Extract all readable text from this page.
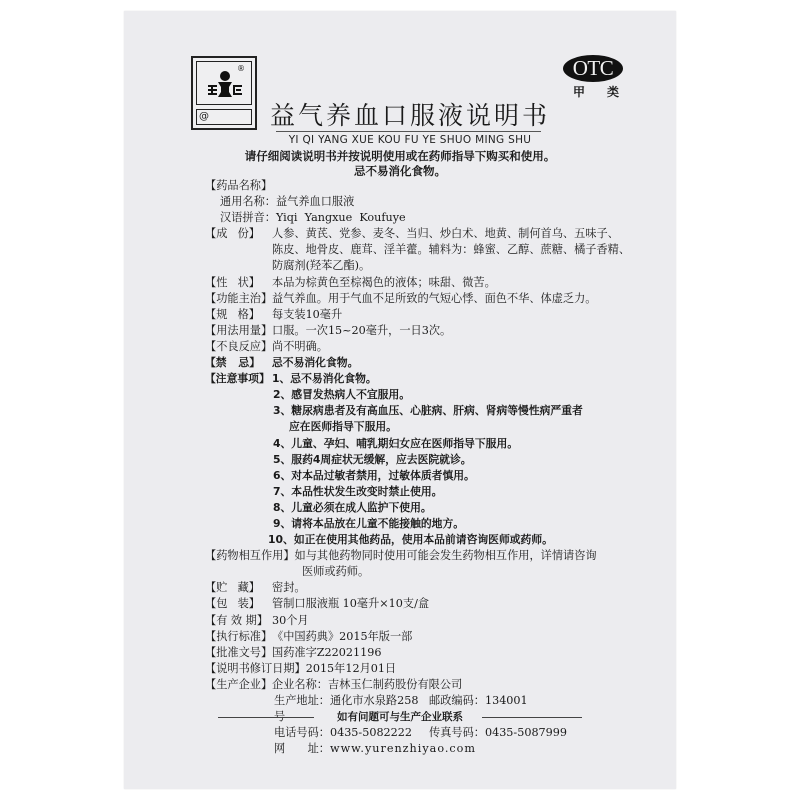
®
@
OTC
甲 类
益气养血口服液说明书
YI QI YANG XUE KOU FU YE SHUO MING SHU
请仔细阅读说明书并按说明使用或在药师指导下购买和使用。
忌不易消化食物。
【药品名称】
通用名称： 益气养血口服液
汉语拼音： Yiqi  Yangxue  Koufuye
【成 份】 人参、黄芪、党参、麦冬、当归、炒白术、地黄、制何首乌、五味子、
陈皮、地骨皮、鹿茸、淫羊藿。辅料为：蜂蜜、乙醇、蔗糖、橘子香精、
防腐剂(羟苯乙酯)。
【性 状】 本品为棕黄色至棕褐色的液体；味甜、微苦。
【功能主治】 益气养血。用于气血不足所致的气短心悸、面色不华、体虚乏力。
【规 格】 每支装10毫升
【用法用量】 口服。一次15~20毫升，一日3次。
【不良反应】 尚不明确。
【禁 忌】 忌不易消化食物。
【注意事项】 1、忌不易消化食物。
2、感冒发热病人不宜服用。
3、糖尿病患者及有高血压、心脏病、肝病、肾病等慢性病严重者
应在医师指导下服用。
4、儿童、孕妇、哺乳期妇女应在医师指导下服用。
5、服药4周症状无缓解，应去医院就诊。
6、对本品过敏者禁用，过敏体质者慎用。
7、本品性状发生改变时禁止使用。
8、儿童必须在成人监护下使用。
9、请将本品放在儿童不能接触的地方。
10、如正在使用其他药品，使用本品前请咨询医师或药师。
【药物相互作用】 如与其他药物同时使用可能会发生药物相互作用，详情请咨询
医师或药师。
【贮 藏】 密封。
【包 装】 管制口服液瓶 10毫升×10支/盒
【有 效 期】 30个月
【执行标准】 《中国药典》2015年版一部
【批准文号】 国药准字Z22021196
【说明书修订日期】 2015年12月01日
【生产企业】 企业名称： 吉林玉仁制药股份有限公司
生产地址：通化市水泉路258号
邮政编码：134001
电话号码：0435-5082222	传真号码：0435-5087999
网 址： www.yurenzhiyao.com
如有问题可与生产企业联系
